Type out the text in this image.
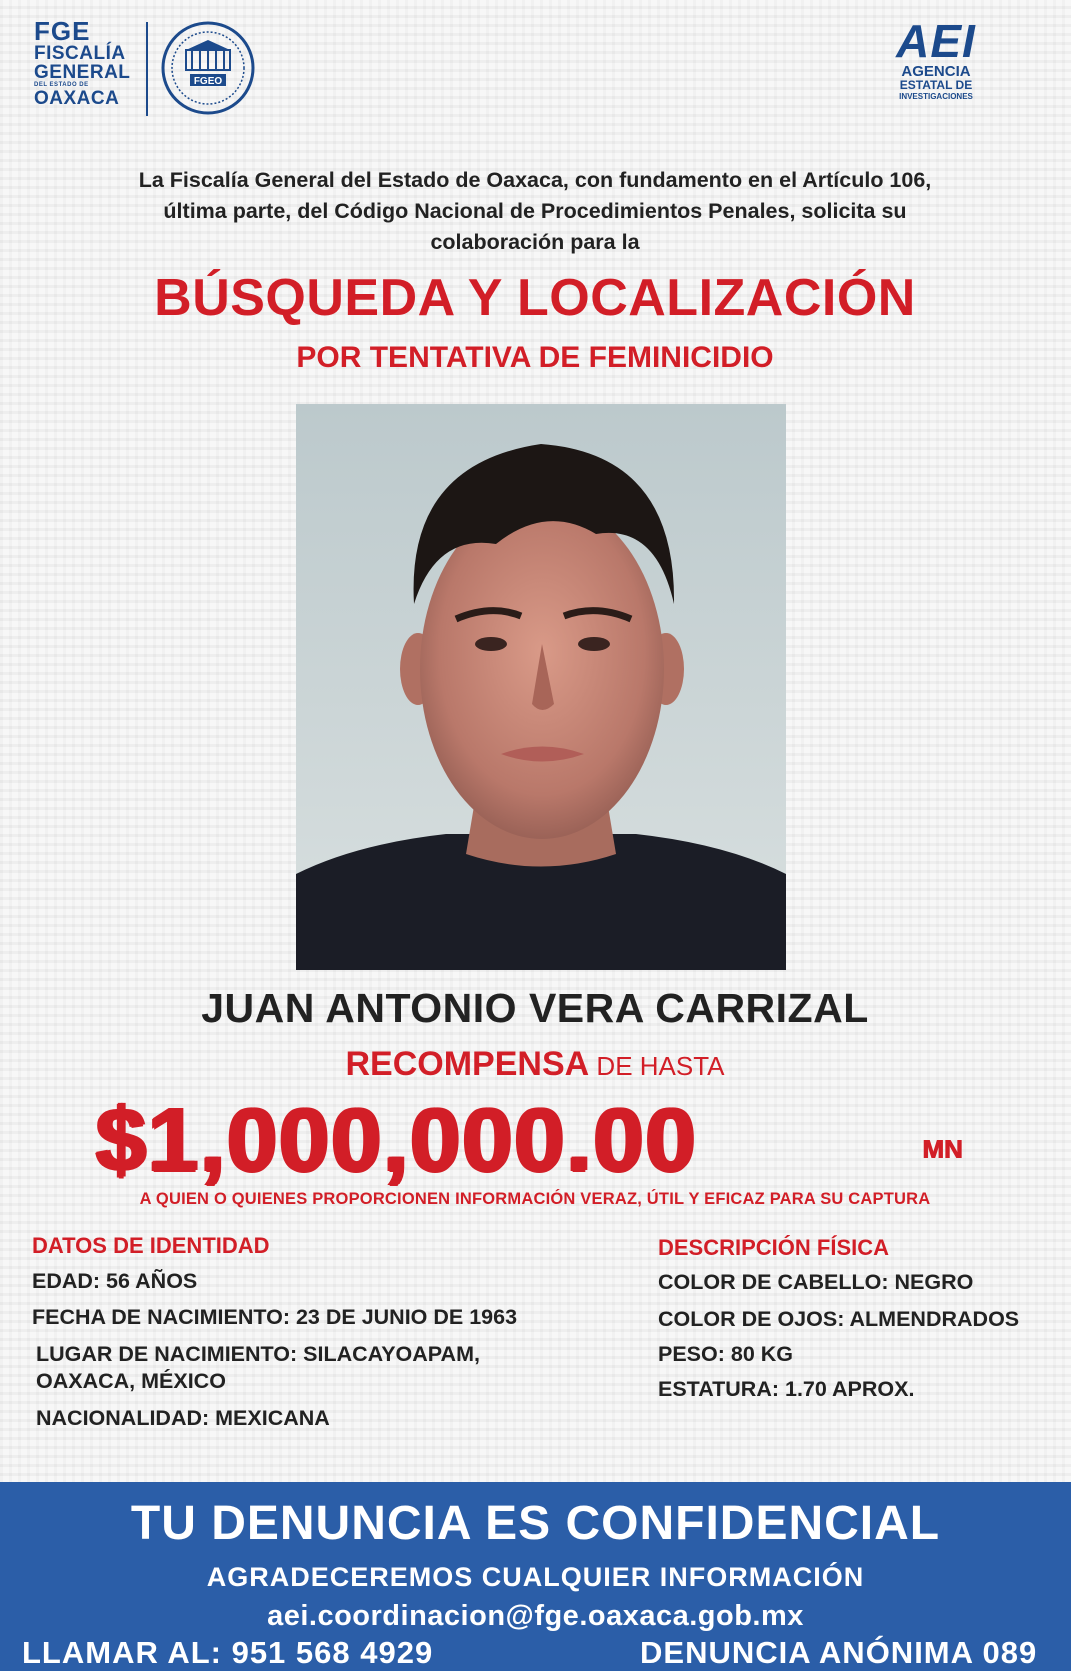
FGE
FISCALÍA
GENERAL
DEL ESTADO DE
OAXACA
FGEO
AEI
AGENCIA
ESTATAL DE
INVESTIGACIONES
La Fiscalía General del Estado de Oaxaca, con fundamento en el Artículo 106,
última parte, del Código Nacional de Procedimientos Penales, solicita su
colaboración para la
BÚSQUEDA Y LOCALIZACIÓN
POR TENTATIVA DE FEMINICIDIO
JUAN ANTONIO VERA CARRIZAL
RECOMPENSA DE HASTA
$1,000,000.00	MN
A QUIEN O QUIENES PROPORCIONEN INFORMACIÓN VERAZ, ÚTIL Y EFICAZ PARA SU CAPTURA
DATOS DE IDENTIDAD
EDAD: 56 AÑOS
FECHA DE NACIMIENTO: 23 DE JUNIO DE 1963
LUGAR DE NACIMIENTO: SILACAYOAPAM,
OAXACA, MÉXICO
NACIONALIDAD: MEXICANA
DESCRIPCIÓN FÍSICA
COLOR DE CABELLO: NEGRO
COLOR DE OJOS: ALMENDRADOS
PESO: 80 KG
ESTATURA: 1.70 APROX.
TU DENUNCIA ES CONFIDENCIAL
AGRADECEREMOS CUALQUIER INFORMACIÓN
aei.coordinacion@fge.oaxaca.gob.mx
LLAMAR AL: 951 568 4929	DENUNCIA ANÓNIMA 089
